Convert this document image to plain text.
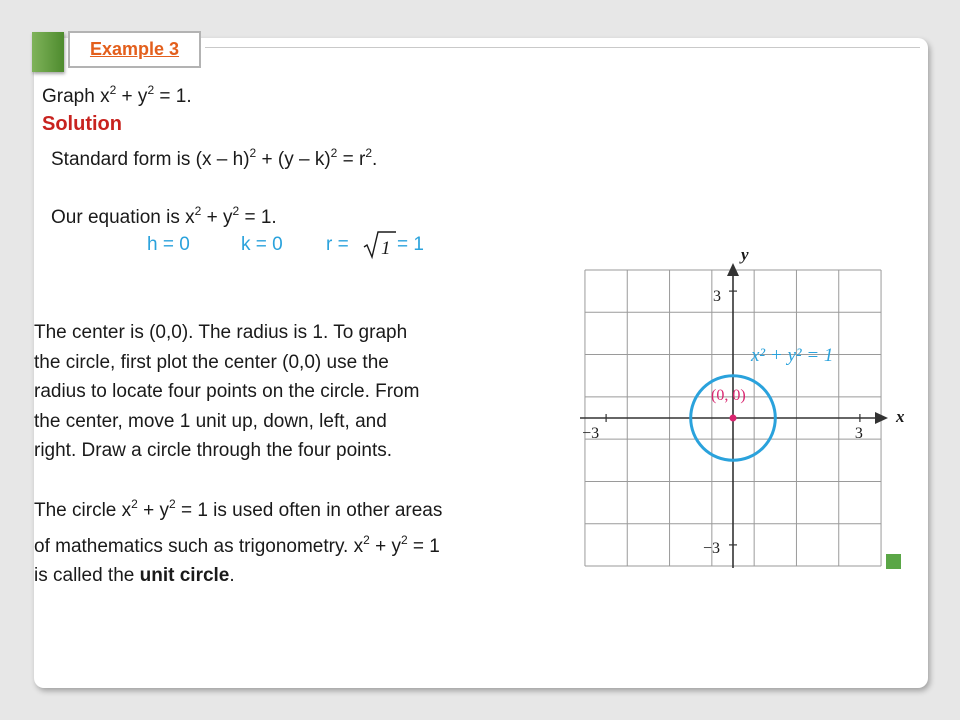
Example 3
Graph $x^2 + y^2 = 1$.
Solution
Standard form is $(x - h)^2 + (y - k)^2 = r^2$.
Our equation is $x^2 + y^2 = 1$.
h = 0	k = 0 r = 1 = 1
The center is (0,0). The radius is 1. To graph
the circle, first plot the center (0,0) use the
radius to locate four points on the circle. From
the center, move 1 unit up, down, left, and
right. Draw a circle through the four points.
The circle $x^2 + y^2 = 1$ is used often in other areas
of mathematics such as trigonometry. $x^2 + y^2 = 1$
is called the unit circle.
y
x
−3	3
3
−3
x² + y² = 1
(0, 0)
